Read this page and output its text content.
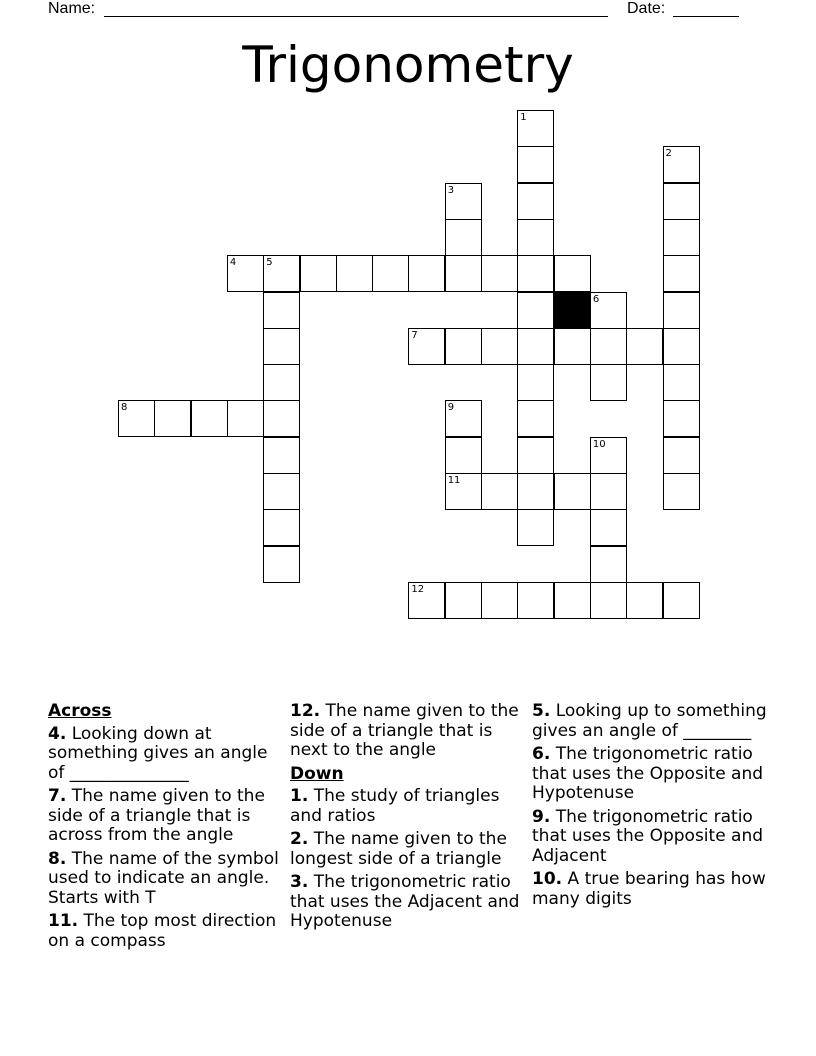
Name:	Date:
Trigonometry
1
2
3
4	5
6
7
8	9
10
11
12
Across
4. Looking down at something gives an angle of ______________
7. The name given to the side of a triangle that is across from the angle
8. The name of the symbol used to indicate an angle. Starts with T
11. The top most direction on a compass
12. The name given to the side of a triangle that is next to the angle
Down
1. The study of triangles and ratios
2. The name given to the longest side of a triangle
3. The trigonometric ratio that uses the Adjacent and Hypotenuse
5. Looking up to something gives an angle of ________
6. The trigonometric ratio that uses the Opposite and Hypotenuse
9. The trigonometric ratio that uses the Opposite and Adjacent
10. A true bearing has how many digits
